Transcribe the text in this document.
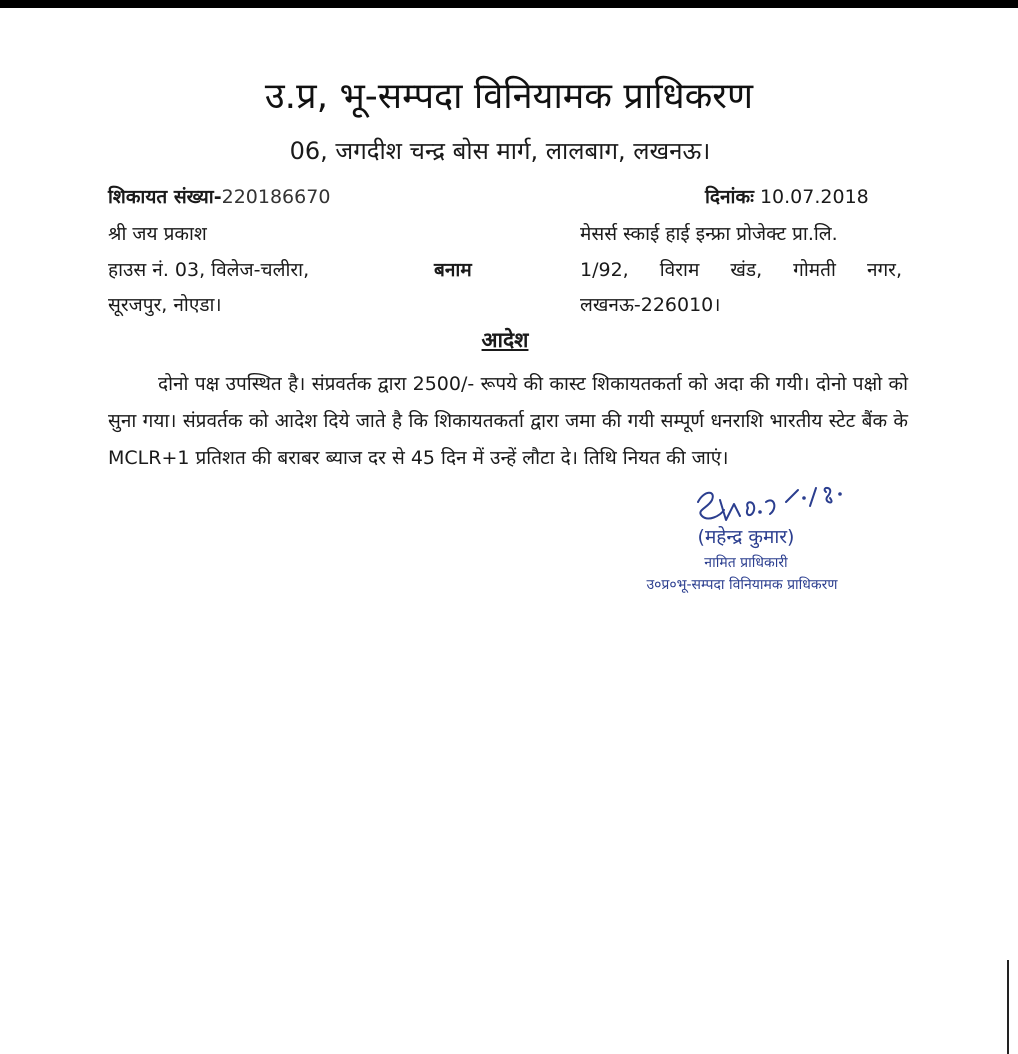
उ.प्र, भू-सम्पदा विनियामक प्राधिकरण
06, जगदीश चन्द्र बोस मार्ग, लालबाग, लखनऊ।
शिकायत संख्या-220186670	दिनांकः 10.07.2018
श्री जय प्रकाश
हाउस नं. 03, विलेज-चलीरा,
सूरजपुर, नोएडा।
बनाम
मेसर्स स्काई हाई इन्फ्रा प्रोजेक्ट प्रा.लि.
1/92, विराम खंड, गोमती नगर,
लखनऊ-226010।
आदेश

दोनो पक्ष उपस्थित है। संप्रवर्तक द्वारा 2500/- रूपये की कास्ट शिकायतकर्ता को अदा की गयी। दोनो पक्षो को सुना गया। संप्रवर्तक को आदेश दिये जाते है कि शिकायतकर्ता द्वारा जमा की गयी सम्पूर्ण धनराशि भारतीय स्टेट बैंक के MCLR+1 प्रतिशत की बराबर ब्याज दर से 45 दिन में उन्हें लौटा दे। तिथि नियत की जाएं।

(महेन्द्र कुमार)
नामित प्राधिकारी
उ०प्र०भू-सम्पदा विनियामक प्राधिकरण
